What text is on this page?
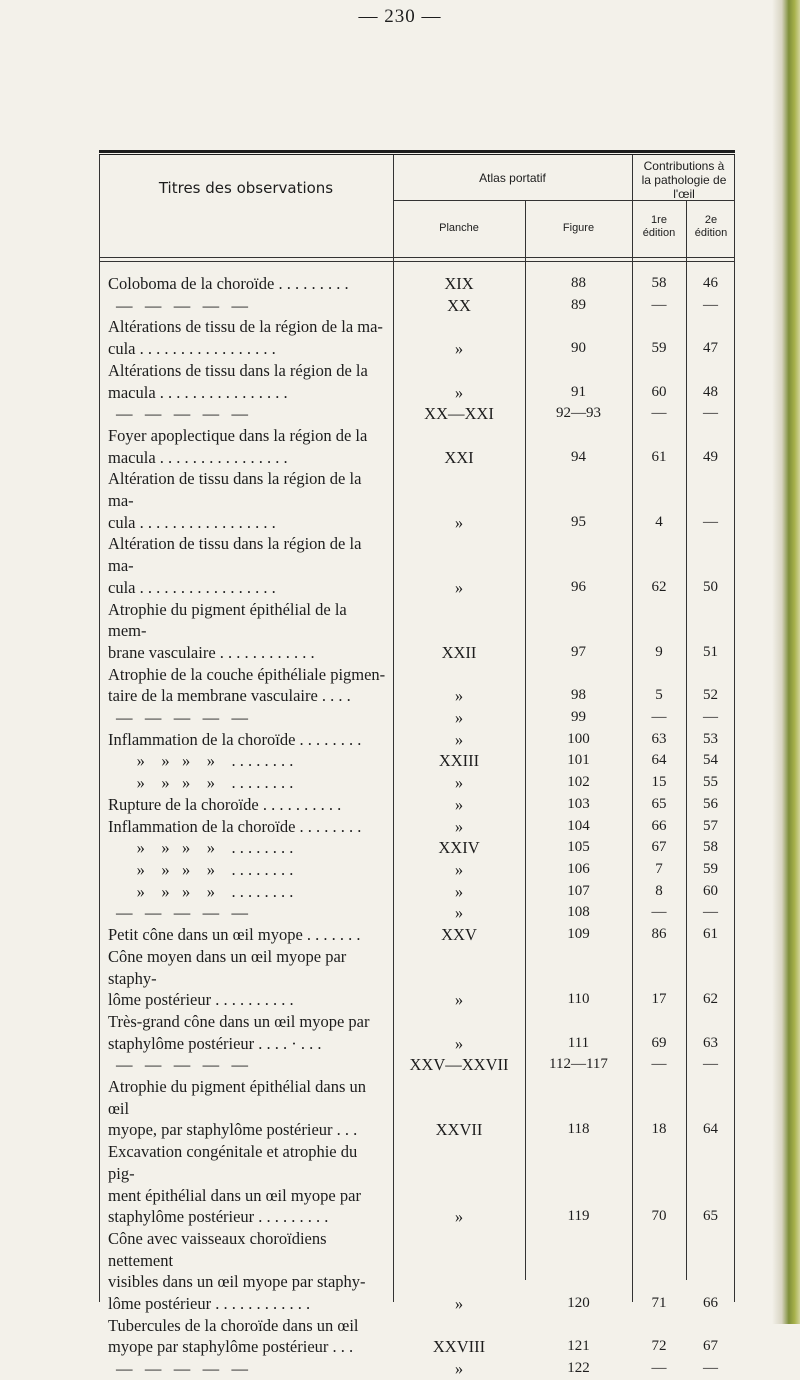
— 230 —
Titres des observations
Atlas portatif
Contributions à la pathologie de l'œil
Planche	Figure
1re édition
2e édition
Coloboma de la choroïde . . . . . . . . .	XIX	88	58	46
—   —   —   —   —	XX	89	—	—
Altérations de tissu de la région de la ma-
cula . . . . . . . . . . . . . . . . .	»	90	59	47
Altérations de tissu dans la région de la
macula . . . . . . . . . . . . . . . .	»	91	60	48
—   —   —   —   —	XX—XXI	92—93	—	—
Foyer apoplectique dans la région de la
macula . . . . . . . . . . . . . . . .	XXI	94	61	49
Altération de tissu dans la région de la ma-
cula . . . . . . . . . . . . . . . . .	»	95	4	—
Altération de tissu dans la région de la ma-
cula . . . . . . . . . . . . . . . . .	»	96	62	50
Atrophie du pigment épithélial de la mem-
brane vasculaire . . . . . . . . . . . .	XXII	97	9	51
Atrophie de la couche épithéliale pigmen-
taire de la membrane vasculaire . . . .	»	98	5	52
—   —   —   —   —	»	99	—	—
Inflammation de la choroïde . . . . . . . .	»	100	63	53
»    »   »    »    . . . . . . . .	XXIII	101	64	54
»    »   »    »    . . . . . . . .	»	102	15	55
Rupture de la choroïde . . . . . . . . . .	»	103	65	56
Inflammation de la choroïde . . . . . . . .	»	104	66	57
»    »   »    »    . . . . . . . .	XXIV	105	67	58
»    »   »    »    . . . . . . . .	»	106	7	59
»    »   »    »    . . . . . . . .	»	107	8	60
—   —   —   —   —	»	108	—	—
Petit cône dans un œil myope . . . . . . .	XXV	109	86	61
Cône moyen dans un œil myope par staphy-
lôme postérieur . . . . . . . . . .	»	110	17	62
Très-grand cône dans un œil myope par
staphylôme postérieur . . . . · . . .	»	111	69	63
—   —   —   —   —	XXV—XXVII	112—117	—	—
Atrophie du pigment épithélial dans un œil
myope, par staphylôme postérieur . . .	XXVII	118	18	64
Excavation congénitale et atrophie du pig-
ment épithélial dans un œil myope par
staphylôme postérieur . . . . . . . . .	»	119	70	65
Cône avec vaisseaux choroïdiens nettement
visibles dans un œil myope par staphy-
lôme postérieur . . . . . . . . . . . .	»	120	71	66
Tubercules de la choroïde dans un œil
myope par staphylôme postérieur . . .	XXVIII	121	72	67
—   —   —   —   —	»	122	—	—
